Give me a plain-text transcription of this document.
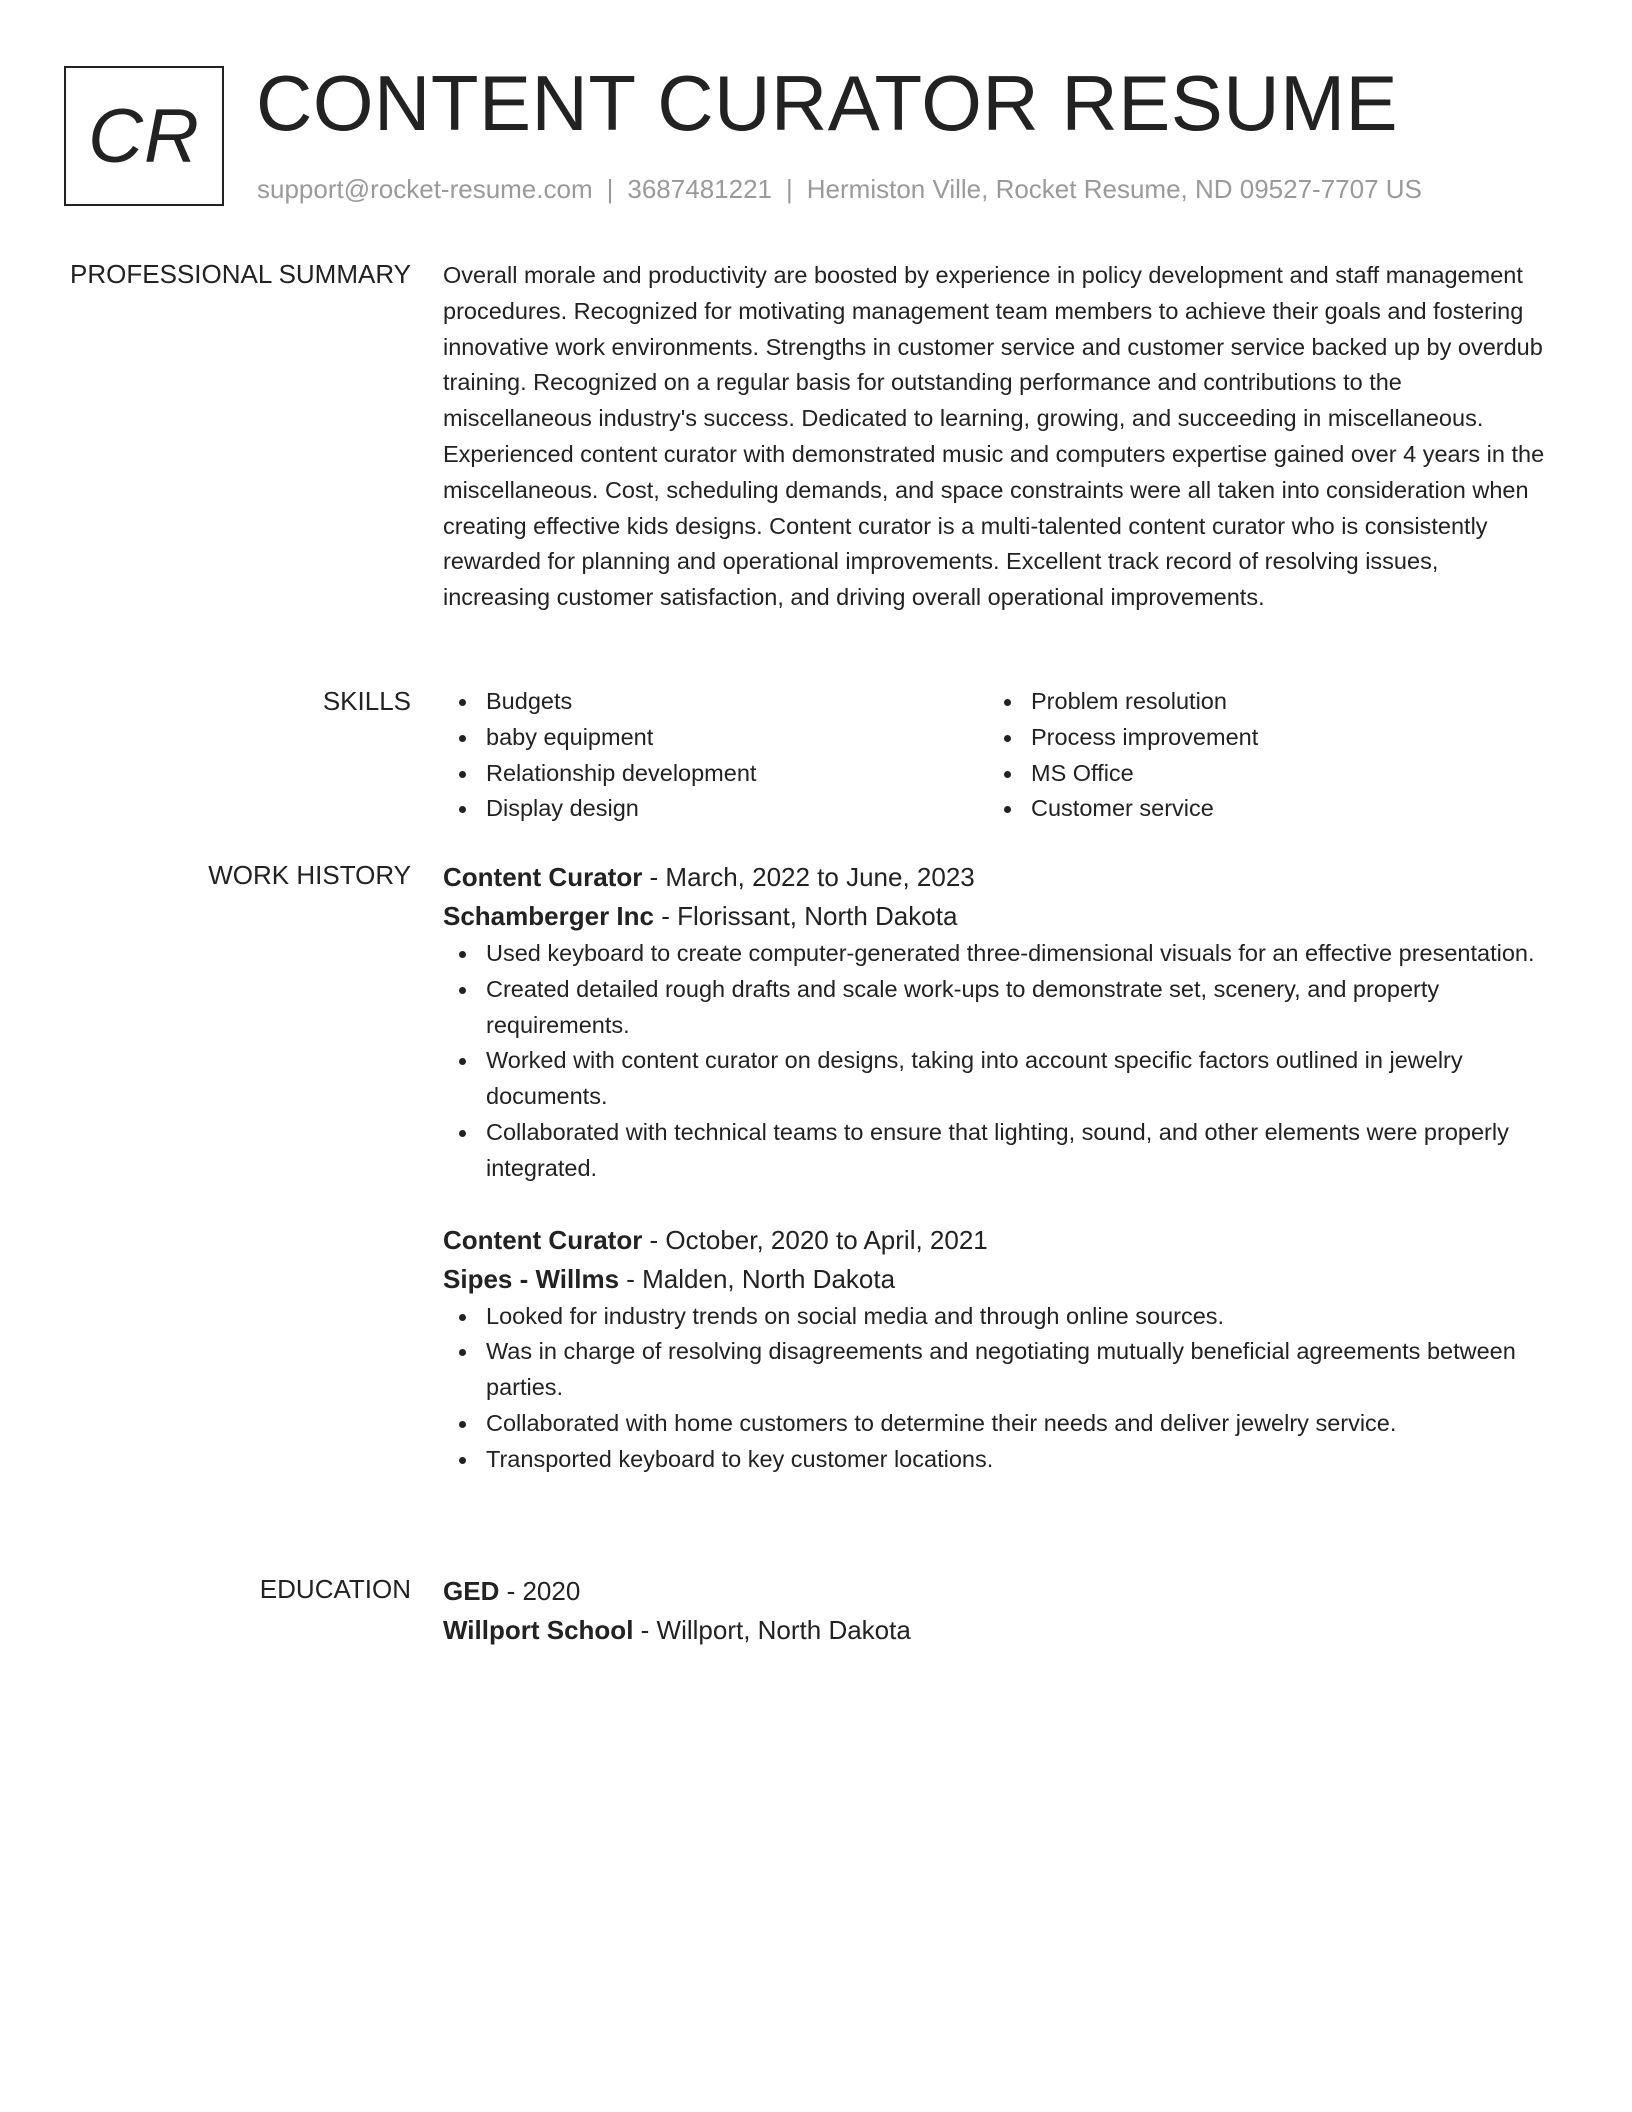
CR CONTENT CURATOR RESUME
support@rocket-resume.com | 3687481221 | Hermiston Ville, Rocket Resume, ND 09527-7707 US
PROFESSIONAL SUMMARY Overall morale and productivity are boosted by experience in policy development and staff management procedures. Recognized for motivating management team members to achieve their goals and fostering innovative work environments. Strengths in customer service and customer service backed up by overdub training. Recognized on a regular basis for outstanding performance and contributions to the miscellaneous industry's success. Dedicated to learning, growing, and succeeding in miscellaneous. Experienced content curator with demonstrated music and computers expertise gained over 4 years in the miscellaneous. Cost, scheduling demands, and space constraints were all taken into consideration when creating effective kids designs. Content curator is a multi-talented content curator who is consistently rewarded for planning and operational improvements. Excellent track record of resolving issues, increasing customer satisfaction, and driving overall operational improvements.

SKILLS	Budgets
baby equipment
Relationship development
Display design
Problem resolution
Process improvement
MS Office
Customer service
WORK HISTORY Content Curator - March, 2022 to June, 2023
Schamberger Inc - Florissant, North Dakota
Used keyboard to create computer-generated three-dimensional visuals for an effective presentation.
Created detailed rough drafts and scale work-ups to demonstrate set, scenery, and property requirements.
Worked with content curator on designs, taking into account specific factors outlined in jewelry documents.
Collaborated with technical teams to ensure that lighting, sound, and other elements were properly integrated.
Content Curator - October, 2020 to April, 2021
Sipes - Willms - Malden, North Dakota
Looked for industry trends on social media and through online sources.
Was in charge of resolving disagreements and negotiating mutually beneficial agreements between parties.
Collaborated with home customers to determine their needs and deliver jewelry service.
Transported keyboard to key customer locations.
EDUCATION GED - 2020
Willport School - Willport, North Dakota
